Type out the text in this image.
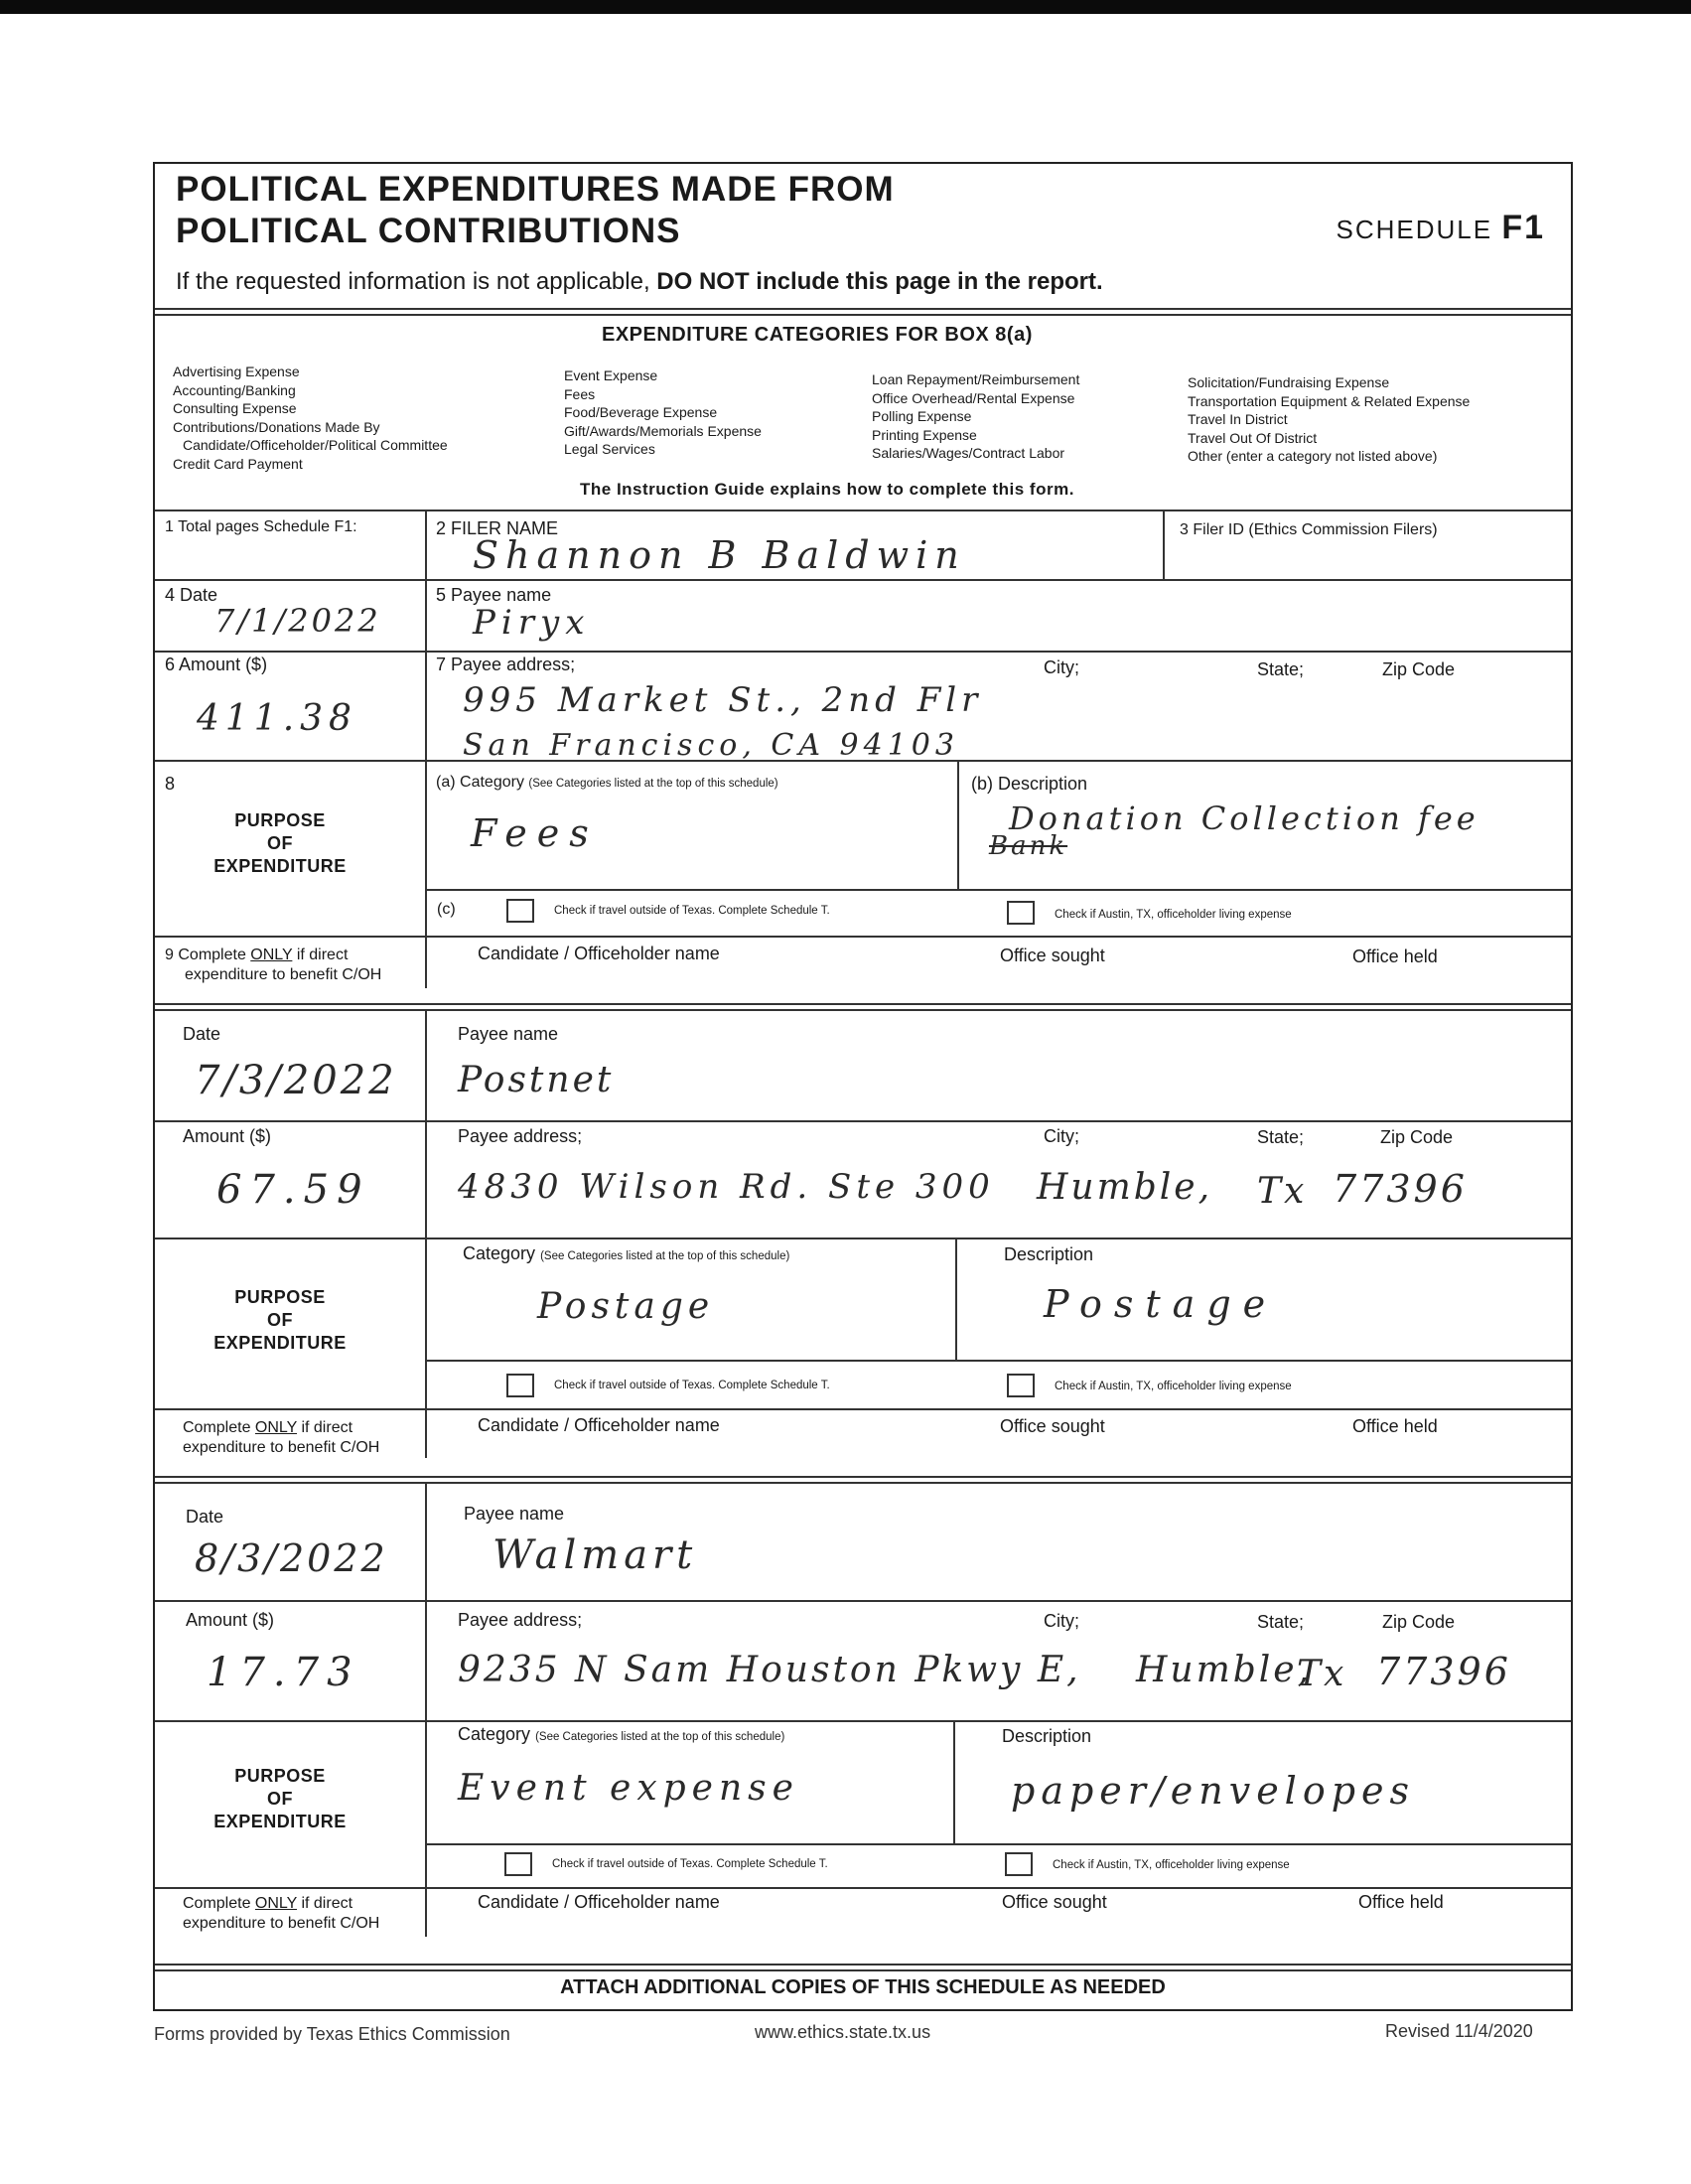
POLITICAL EXPENDITURES MADE FROM
POLITICAL CONTRIBUTIONS	SCHEDULE F1
If the requested information is not applicable, DO NOT include this page in the report.
EXPENDITURE CATEGORIES FOR BOX 8(a)
Advertising Expense
Accounting/Banking
Consulting Expense
Contributions/Donations Made By
Candidate/Officeholder/Political Committee
Credit Card Payment
Event Expense
Fees
Food/Beverage Expense
Gift/Awards/Memorials Expense
Legal Services
Loan Repayment/Reimbursement
Office Overhead/Rental Expense
Polling Expense
Printing Expense
Salaries/Wages/Contract Labor
Solicitation/Fundraising Expense
Transportation Equipment & Related Expense
Travel In District
Travel Out Of District
Other (enter a category not listed above)
The Instruction Guide explains how to complete this form.
1 Total pages Schedule F1:	2 FILER NAME
Shannon B Baldwin
3 Filer ID (Ethics Commission Filers)
4 Date
7/1/2022
5 Payee name
Piryx
6 Amount ($)
411.38
7 Payee address;	City;	State;	Zip Code
995 Market St., 2nd Flr
San Francisco, CA 94103
8
PURPOSE
OF
EXPENDITURE
(a) Category (See Categories listed at the top of this schedule)
Fees
(b) Description
Bank
Donation Collection fee
(c)	Check if travel outside of Texas. Complete Schedule T.	Check if Austin, TX, officeholder living expense
9 Complete ONLY if direct
expenditure to benefit C/OH
Candidate / Officeholder name	Office sought	Office held
Date
7/3/2022
Payee name
Postnet
Amount ($)
67.59
Payee address;	City;	State;	Zip Code
4830 Wilson Rd. Ste 300 Humble, Tx 77396
PURPOSE
OF
EXPENDITURE
Category (See Categories listed at the top of this schedule)
Postage
Description
Postage
Check if travel outside of Texas. Complete Schedule T.	Check if Austin, TX, officeholder living expense
Complete ONLY if direct
expenditure to benefit C/OH
Candidate / Officeholder name	Office sought	Office held
Date
8/3/2022
Payee name
Walmart
Amount ($)
17.73
Payee address;	City;	State;	Zip Code
9235 N Sam Houston Pkwy E, Humble,
Tx 77396
PURPOSE
OF
EXPENDITURE
Category (See Categories listed at the top of this schedule)
Event expense
Description
paper/envelopes
Check if travel outside of Texas. Complete Schedule T.	Check if Austin, TX, officeholder living expense
Complete ONLY if direct
expenditure to benefit C/OH
Candidate / Officeholder name	Office sought	Office held
ATTACH ADDITIONAL COPIES OF THIS SCHEDULE AS NEEDED
Forms provided by Texas Ethics Commission	www.ethics.state.tx.us	Revised 11/4/2020
